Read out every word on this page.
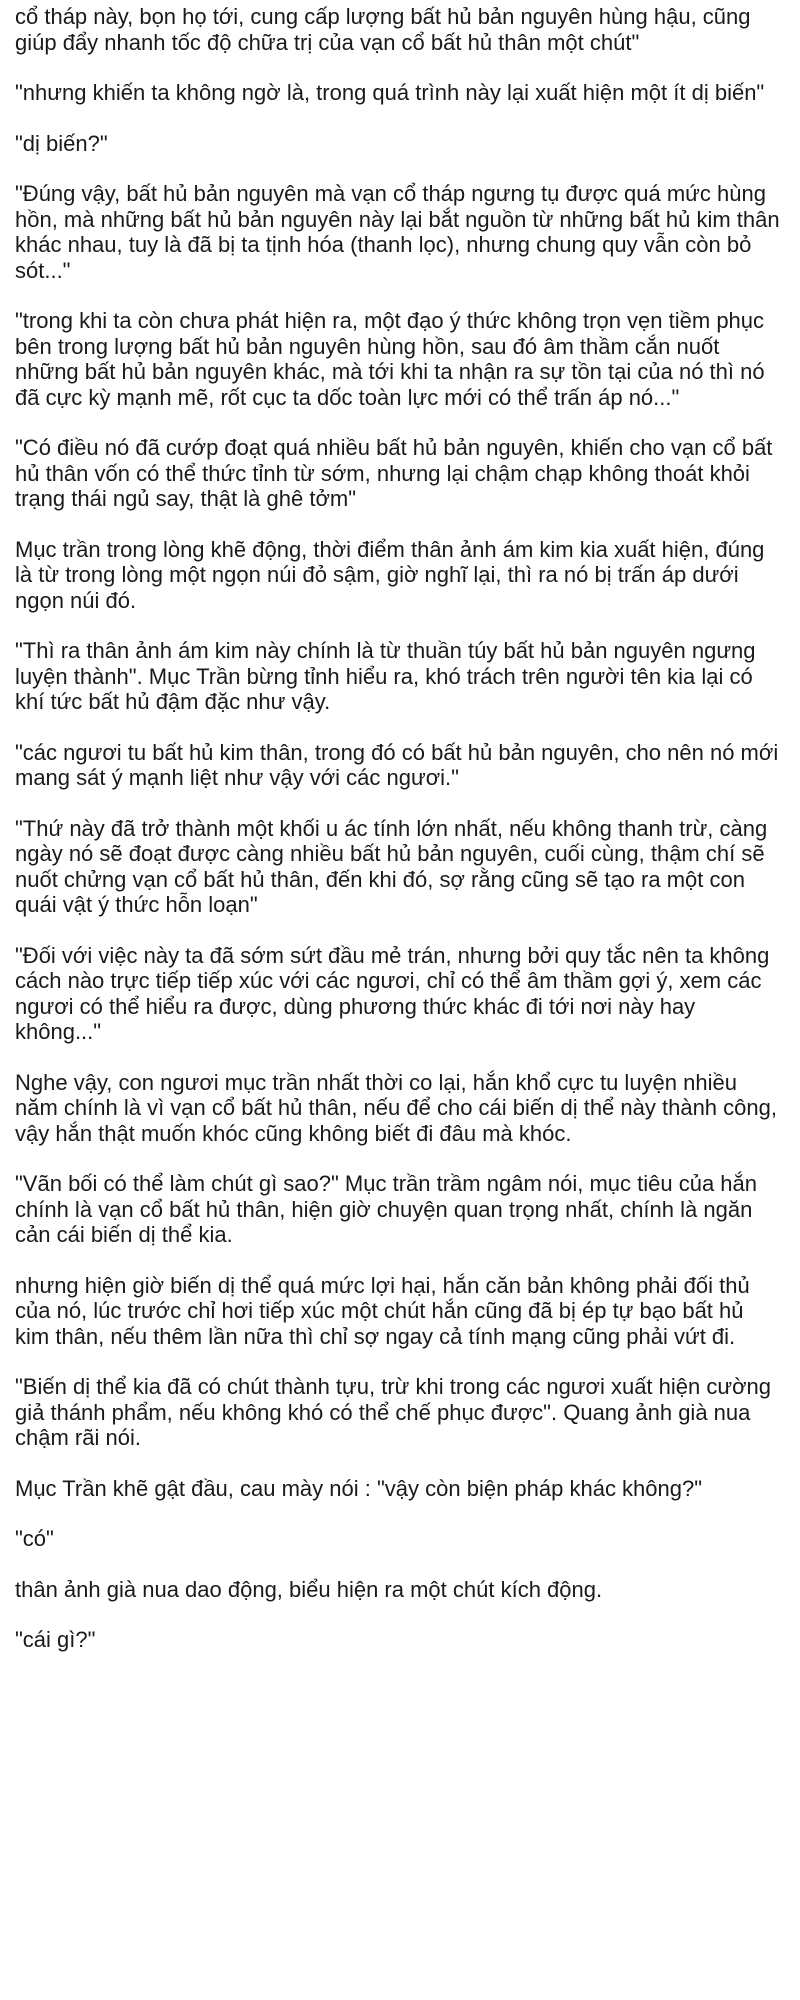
cổ tháp này, bọn họ tới, cung cấp lượng bất hủ bản nguyên hùng hậu, cũng giúp đẩy nhanh tốc độ chữa trị của vạn cổ bất hủ thân một chút"

"nhưng khiến ta không ngờ là, trong quá trình này lại xuất hiện một ít dị biến"

"dị biến?"

"Đúng vậy, bất hủ bản nguyên mà vạn cổ tháp ngưng tụ được quá mức hùng hồn, mà những bất hủ bản nguyên này lại bắt nguồn từ những bất hủ kim thân khác nhau, tuy là đã bị ta tịnh hóa (thanh lọc), nhưng chung quy vẫn còn bỏ sót..."

"trong khi ta còn chưa phát hiện ra, một đạo ý thức không trọn vẹn tiềm phục bên trong lượng bất hủ bản nguyên hùng hồn, sau đó âm thầm cắn nuốt những bất hủ bản nguyên khác, mà tới khi ta nhận ra sự tồn tại của nó thì nó đã cực kỳ mạnh mẽ, rốt cục ta dốc toàn lực mới có thể trấn áp nó..."

"Có điều nó đã cướp đoạt quá nhiều bất hủ bản nguyên, khiến cho vạn cổ bất hủ thân vốn có thể thức tỉnh từ sớm, nhưng lại chậm chạp không thoát khỏi trạng thái ngủ say, thật là ghê tởm"

Mục trần trong lòng khẽ động, thời điểm thân ảnh ám kim kia xuất hiện, đúng là từ trong lòng một ngọn núi đỏ sậm, giờ nghĩ lại, thì ra nó bị trấn áp dưới ngọn núi đó.

"Thì ra thân ảnh ám kim này chính là từ thuần túy bất hủ bản nguyên ngưng luyện thành". Mục Trần bừng tỉnh hiểu ra, khó trách trên người tên kia lại có khí tức bất hủ đậm đặc như vậy.

"các ngươi tu bất hủ kim thân, trong đó có bất hủ bản nguyên, cho nên nó mới mang sát ý mạnh liệt như vậy với các ngươi."

"Thứ này đã trở thành một khối u ác tính lớn nhất, nếu không thanh trừ, càng ngày nó sẽ đoạt được càng nhiều bất hủ bản nguyên, cuối cùng, thậm chí sẽ nuốt chửng vạn cổ bất hủ thân, đến khi đó, sợ rằng cũng sẽ tạo ra một con quái vật ý thức hỗn loạn"

"Đối với việc này ta đã sớm sứt đầu mẻ trán, nhưng bởi quy tắc nên ta không cách nào trực tiếp tiếp xúc với các ngươi, chỉ có thể âm thầm gợi ý, xem các ngươi có thể hiểu ra được, dùng phương thức khác đi tới nơi này hay không..."

Nghe vậy, con ngươi mục trần nhất thời co lại, hắn khổ cực tu luyện nhiều năm chính là vì vạn cổ bất hủ thân, nếu để cho cái biến dị thể này thành công, vậy hắn thật muốn khóc cũng không biết đi đâu mà khóc.

"Vãn bối có thể làm chút gì sao?" Mục trần trầm ngâm nói, mục tiêu của hắn chính là vạn cổ bất hủ thân, hiện giờ chuyện quan trọng nhất, chính là ngăn cản cái biến dị thể kia.

nhưng hiện giờ biến dị thể quá mức lợi hại, hắn căn bản không phải đối thủ của nó, lúc trước chỉ hơi tiếp xúc một chút hắn cũng đã bị ép tự bạo bất hủ kim thân, nếu thêm lần nữa thì chỉ sợ ngay cả tính mạng cũng phải vứt đi.

"Biến dị thể kia đã có chút thành tựu, trừ khi trong các ngươi xuất hiện cường giả thánh phẩm, nếu không khó có thể chế phục được". Quang ảnh già nua chậm rãi nói.

Mục Trần khẽ gật đầu, cau mày nói : "vậy còn biện pháp khác không?"

"có"

thân ảnh già nua dao động, biểu hiện ra một chút kích động.

"cái gì?"
